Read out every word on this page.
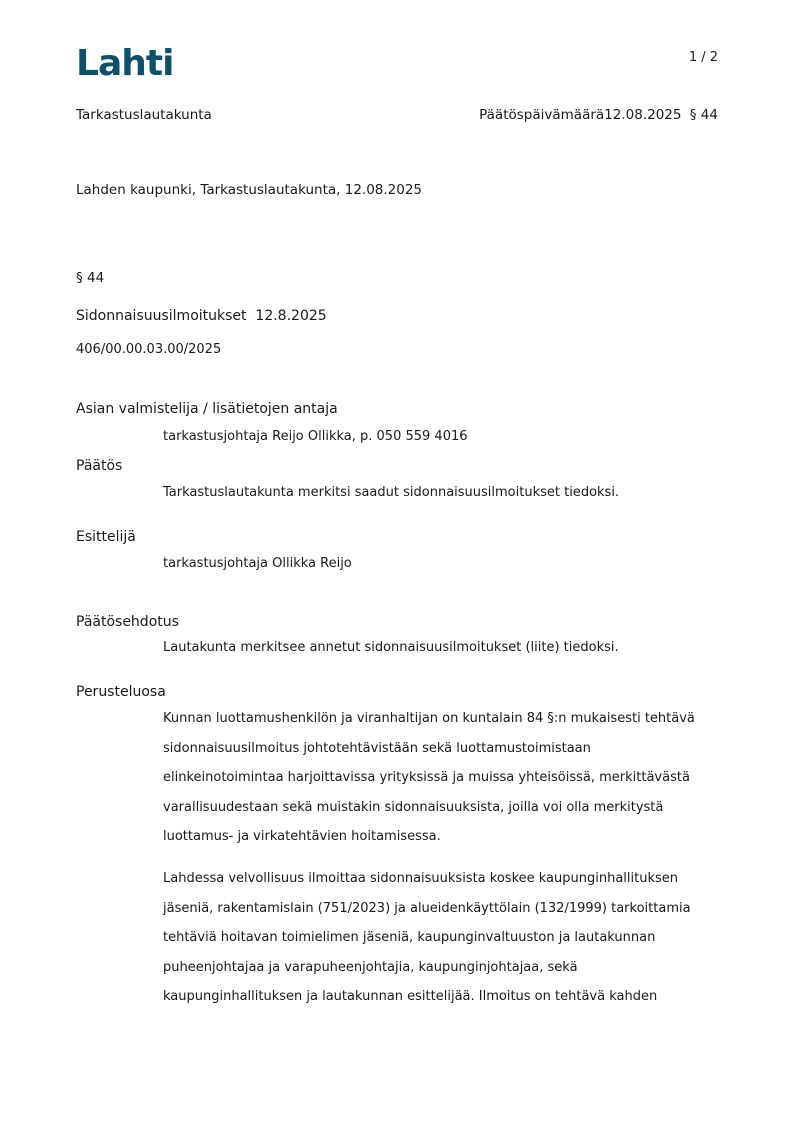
Lahti	1 / 2
Tarkastuslautakunta	Päätöspäivämäärä12.08.2025 § 44
Lahden kaupunki, Tarkastuslautakunta, 12.08.2025
§ 44
Sidonnaisuusilmoitukset  12.8.2025
406/00.00.03.00/2025
Asian valmistelija / lisätietojen antaja
tarkastusjohtaja Reijo Ollikka, p. 050 559 4016
Päätös
Tarkastuslautakunta merkitsi saadut sidonnaisuusilmoitukset tiedoksi.
Esittelijä
tarkastusjohtaja Ollikka Reijo
Päätösehdotus
Lautakunta merkitsee annetut sidonnaisuusilmoitukset (liite) tiedoksi.
Perusteluosa
Kunnan luottamushenkilön ja viranhaltijan on kuntalain 84 §:n mukaisesti tehtävä sidonnaisuusilmoitus johtotehtävistään sekä luottamustoimistaan elinkeinotoimintaa harjoittavissa yrityksissä ja muissa yhteisöissä, merkittävästä varallisuudestaan sekä muistakin sidonnaisuuksista, joilla voi olla merkitystä luottamus- ja virkatehtävien hoitamisessa.
Lahdessa velvollisuus ilmoittaa sidonnaisuuksista koskee kaupunginhallituksen jäseniä, rakentamislain (751/2023) ja alueidenkäyttölain (132/1999) tarkoittamia tehtäviä hoitavan toimielimen jäseniä, kaupunginvaltuuston ja lautakunnan puheenjohtajaa ja varapuheenjohtajia, kaupunginjohtajaa, sekä kaupunginhallituksen ja lautakunnan esittelijää. Ilmoitus on tehtävä kahden
